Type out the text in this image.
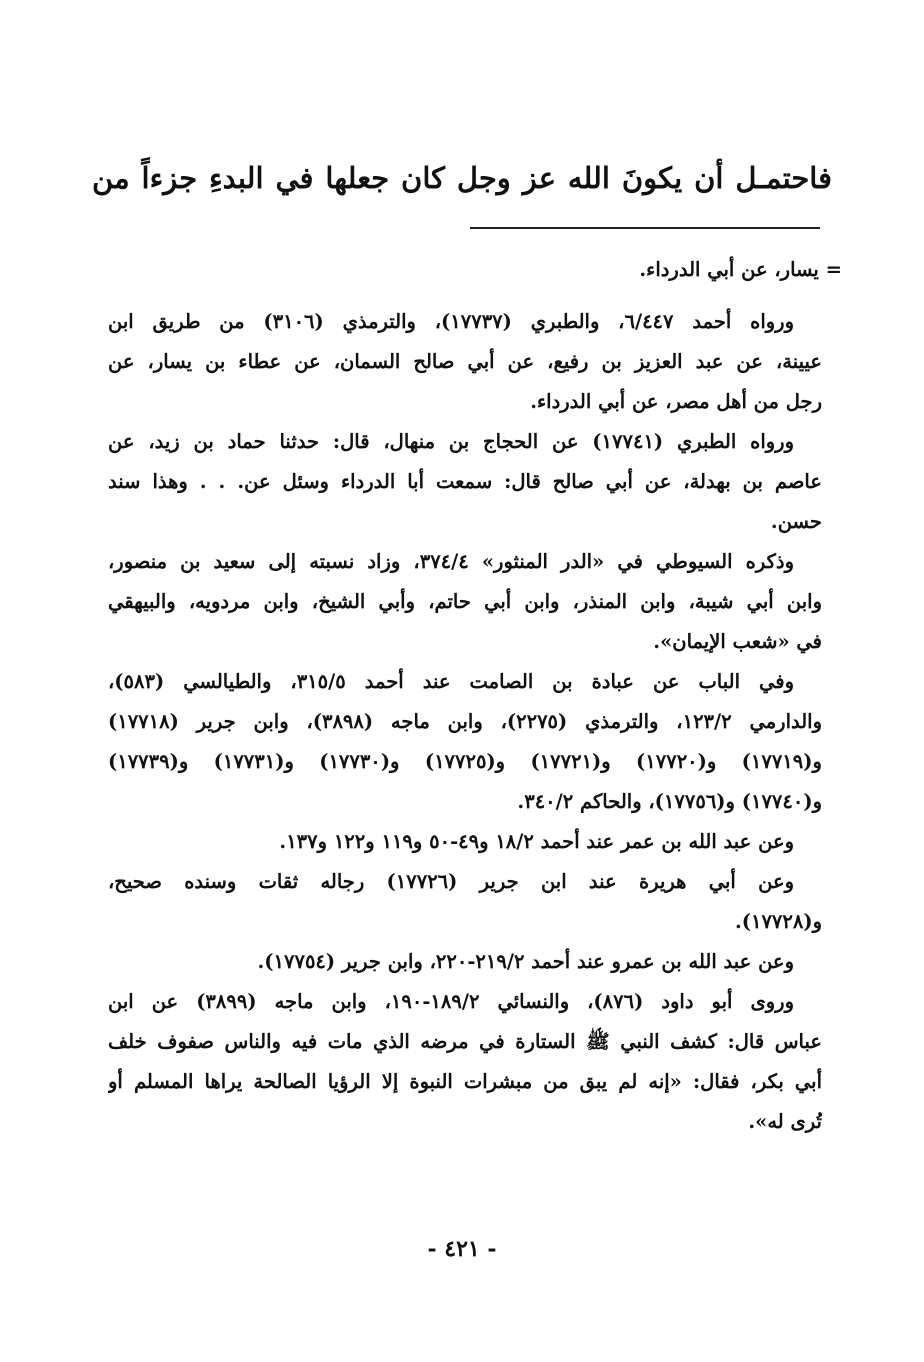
فاحتمـل أن يكونَ الله عز وجل كان جعلها في البدءِ جزءاً من
= يسار، عن أبي الدرداء.
ورواه أحمد ٦/٤٤٧، والطبري (١٧٧٣٧)، والترمذي (٣١٠٦) من طريق ابن
عيينة، عن عبد العزيز بن رفيع، عن أبي صالح السمان، عن عطاء بن يسار، عن
رجل من أهل مصر، عن أبي الدرداء.
ورواه الطبري (١٧٧٤١) عن الحجاج بن منهال، قال: حدثنا حماد بن زيد، عن
عاصم بن بهدلة، عن أبي صالح قال: سمعت أبا الدرداء وسئل عن. . . وهذا سند
حسن.
وذكره السيوطي في «الدر المنثور» ٣٧٤/٤، وزاد نسبته إلى سعيد بن منصور،
وابن أبي شيبة، وابن المنذر، وابن أبي حاتم، وأبي الشيخ، وابن مردويه، والبيهقي
في «شعب الإيمان».
وفي الباب عن عبادة بن الصامت عند أحمد ٣١٥/٥، والطيالسي (٥٨٣)،
والدارمي ١٢٣/٢، والترمذي (٢٢٧٥)، وابن ماجه (٣٨٩٨)، وابن جرير (١٧٧١٨)
و(١٧٧١٩) و(١٧٧٢٠) و(١٧٧٢١) و(١٧٧٢٥) و(١٧٧٣٠) و(١٧٧٣١) و(١٧٧٣٩)
و(١٧٧٤٠) و(١٧٧٥٦)، والحاكم ٣٤٠/٢.
وعن عبد الله بن عمر عند أحمد ١٨/٢ و٤٩-٥٠ و١١٩ و١٢٢ و١٣٧.
وعن أبي هريرة عند ابن جرير (١٧٧٢٦) رجاله ثقات وسنده صحيح،
و(١٧٧٢٨).
وعن عبد الله بن عمرو عند أحمد ٢١٩/٢-٢٢٠، وابن جرير (١٧٧٥٤).
وروى أبو داود (٨٧٦)، والنسائي ١٨٩/٢-١٩٠، وابن ماجه (٣٨٩٩) عن ابن
عباس قال: كشف النبي ﷺ الستارة في مرضه الذي مات فيه والناس صفوف خلف
أبي بكر، فقال: «إنه لم يبق من مبشرات النبوة إلا الرؤيا الصالحة يراها المسلم أو
تُرى له».
- ٤٢١ -
